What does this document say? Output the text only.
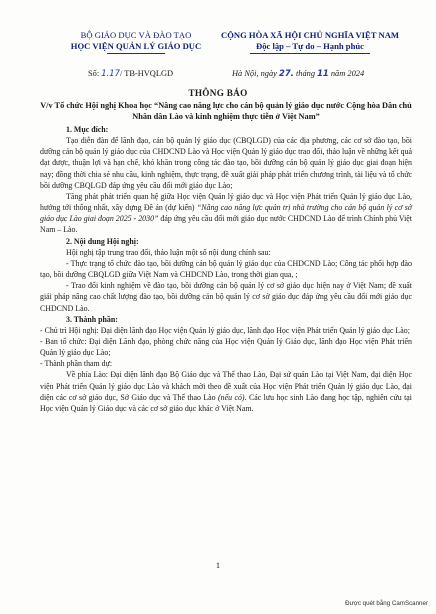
BỘ GIÁO DỤC VÀ ĐÀO TẠO
HỌC VIỆN QUẢN LÝ GIÁO DỤC
CỘNG HÒA XÃ HỘI CHỦ NGHĨA VIỆT NAM
Độc lập – Tự do – Hạnh phúc
Số: 1.17/ TB-HVQLGD	Hà Nội, ngày 27. tháng 11 năm 2024
THÔNG BÁO
V/v Tổ chức Hội nghị Khoa học “Nâng cao năng lực cho cán bộ quản lý giáo dục nước Cộng hòa Dân chủ Nhân dân Lào và kinh nghiệm thực tiễn ở Việt Nam”

1. Mục đích:

Tạo diễn đàn để lãnh đạo, cán bộ quản lý giáo dục (CBQLGD) của các địa phương, các cơ sở đào tạo, bồi dưỡng cán bộ quản lý giáo dục của CHDCND Lào và Học viện Quản lý giáo dục trao đổi, thảo luận về những kết quả đạt được, thuận lợi và hạn chế, khó khăn trong công tác đào tạo, bồi dưỡng cán bộ quản lý giáo dục giai đoạn hiện nay; đồng thời chia sẻ nhu cầu, kinh nghiệm, thực trạng, đề xuất giải pháp phát triển chương trình, tài liệu và tổ chức bồi dưỡng CBQLGD đáp ứng yêu cầu đổi mới giáo dục Lào;

Tăng phát phát triển quan hệ giữa Học viện Quản lý giáo dục và Học viện Phát triển Quản lý giáo dục Lào, hướng tới thống nhất, xây dựng Đề án (dự kiến) “Nâng cao năng lực quản trị nhà trường cho cán bộ quản lý cơ sở giáo dục Lào giai đoạn 2025 - 2030” đáp ứng yêu cầu đổi mới giáo dục nước CHDCND Lào để trình Chính phủ Việt Nam – Lào.

2. Nội dung Hội nghị:

Hội nghị tập trung trao đổi, thảo luận một số nội dung chính sau:

- Thực trạng tổ chức đào tạo, bồi dưỡng cán bộ quản lý giáo dục của CHDCND Lào; Công tác phối hợp đào tạo, bồi dưỡng CBQLGD giữa Việt Nam và CHDCND Lào, trong thời gian qua, ;

- Trao đổi kinh nghiệm về đào tạo, bồi dưỡng cán bộ quản lý cơ sở giáo dục hiện nay ở Việt Nam; đề xuất giải pháp nâng cao chất lượng đào tạo, bồi dưỡng cán bộ quản lý cơ sở giáo dục đáp ứng yêu cầu đổi mới giáo dục CHDCND Lào.

3. Thành phần:

- Chủ trì Hội nghị: Đại diện lãnh đạo Học viện Quản lý giáo dục, lãnh đạo Học viện Phát triển Quản lý giáo dục Lào;

- Ban tổ chức: Đại diện Lãnh đạo, phòng chức năng của Học viện Quản lý Giáo dục, lãnh đạo Học viện Phát triển Quản lý giáo dục Lào;

- Thành phần tham dự:

Về phía Lào: Đại diện lãnh đạo Bộ Giáo dục và Thể thao Lào, Đại sứ quán Lào tại Việt Nam, đại diện Học viện Phát triển Quản lý giáo dục Lào và khách mời theo đề xuất của Học viện Phát triển Quản lý giáo dục Lào, đại diện các cơ sở giáo dục, Sở Giáo dục và Thể thao Lào (nếu có). Các lưu học sinh Lào đang học tập, nghiên cứu tại Học viện Quản lý Giáo dục và các cơ sở giáo dục khác ở Việt Nam.

1
Được quét bằng CamScanner
